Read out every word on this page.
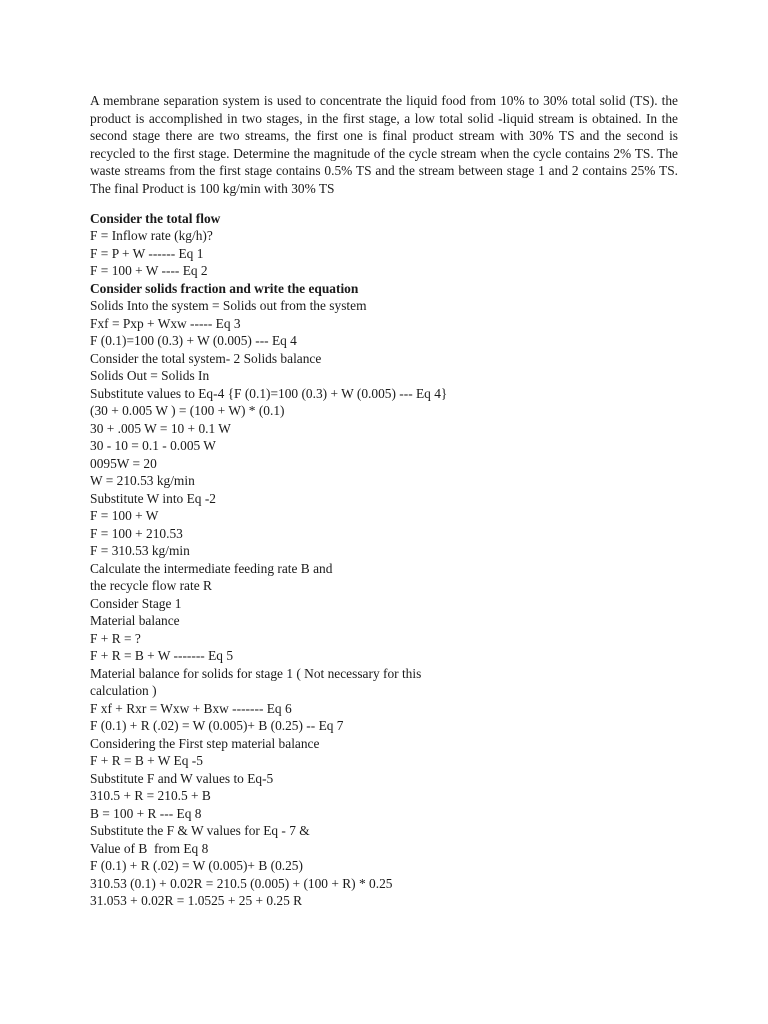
A membrane separation system is used to concentrate the liquid food from 10% to 30% total solid (TS). the product is accomplished in two stages, in the first stage, a low total solid -liquid stream is obtained. In the second stage there are two streams, the first one is final product stream with 30% TS and the second is recycled to the first stage. Determine the magnitude of the cycle stream when the cycle contains 2% TS. The waste streams from the first stage contains 0.5% TS and the stream between stage 1 and 2 contains 25% TS. The final Product is 100 kg/min with 30% TS

Consider the total flow
F = Inflow rate (kg/h)?
F = P + W ------ Eq 1
F = 100 + W ---- Eq 2
Consider solids fraction and write the equation
Solids Into the system = Solids out from the system
Fxf = Pxp + Wxw ----- Eq 3
F (0.1)=100 (0.3) + W (0.005) --- Eq 4
Consider the total system- 2 Solids balance
Solids Out = Solids In
Substitute values to Eq-4 {F (0.1)=100 (0.3) + W (0.005) --- Eq 4}
(30 + 0.005 W ) = (100 + W) * (0.1)
30 + .005 W = 10 + 0.1 W
30 - 10 = 0.1 - 0.005 W
0095W = 20
W = 210.53 kg/min
Substitute W into Eq -2
F = 100 + W
F = 100 + 210.53
F = 310.53 kg/min
Calculate the intermediate feeding rate B and
the recycle flow rate R
Consider Stage 1
Material balance
F + R = ?
F + R = B + W ------- Eq 5
Material balance for solids for stage 1 ( Not necessary for this calculation )
F xf + Rxr = Wxw + Bxw ------- Eq 6
F (0.1) + R (.02) = W (0.005)+ B (0.25) -- Eq 7
Considering the First step material balance
F + R = B + W Eq -5
Substitute F and W values to Eq-5
310.5 + R = 210.5 + B
B = 100 + R --- Eq 8
Substitute the F & W values for Eq - 7 &
Value of B  from Eq 8
F (0.1) + R (.02) = W (0.005)+ B (0.25)
310.53 (0.1) + 0.02R = 210.5 (0.005) + (100 + R) * 0.25
31.053 + 0.02R = 1.0525 + 25 + 0.25 R
